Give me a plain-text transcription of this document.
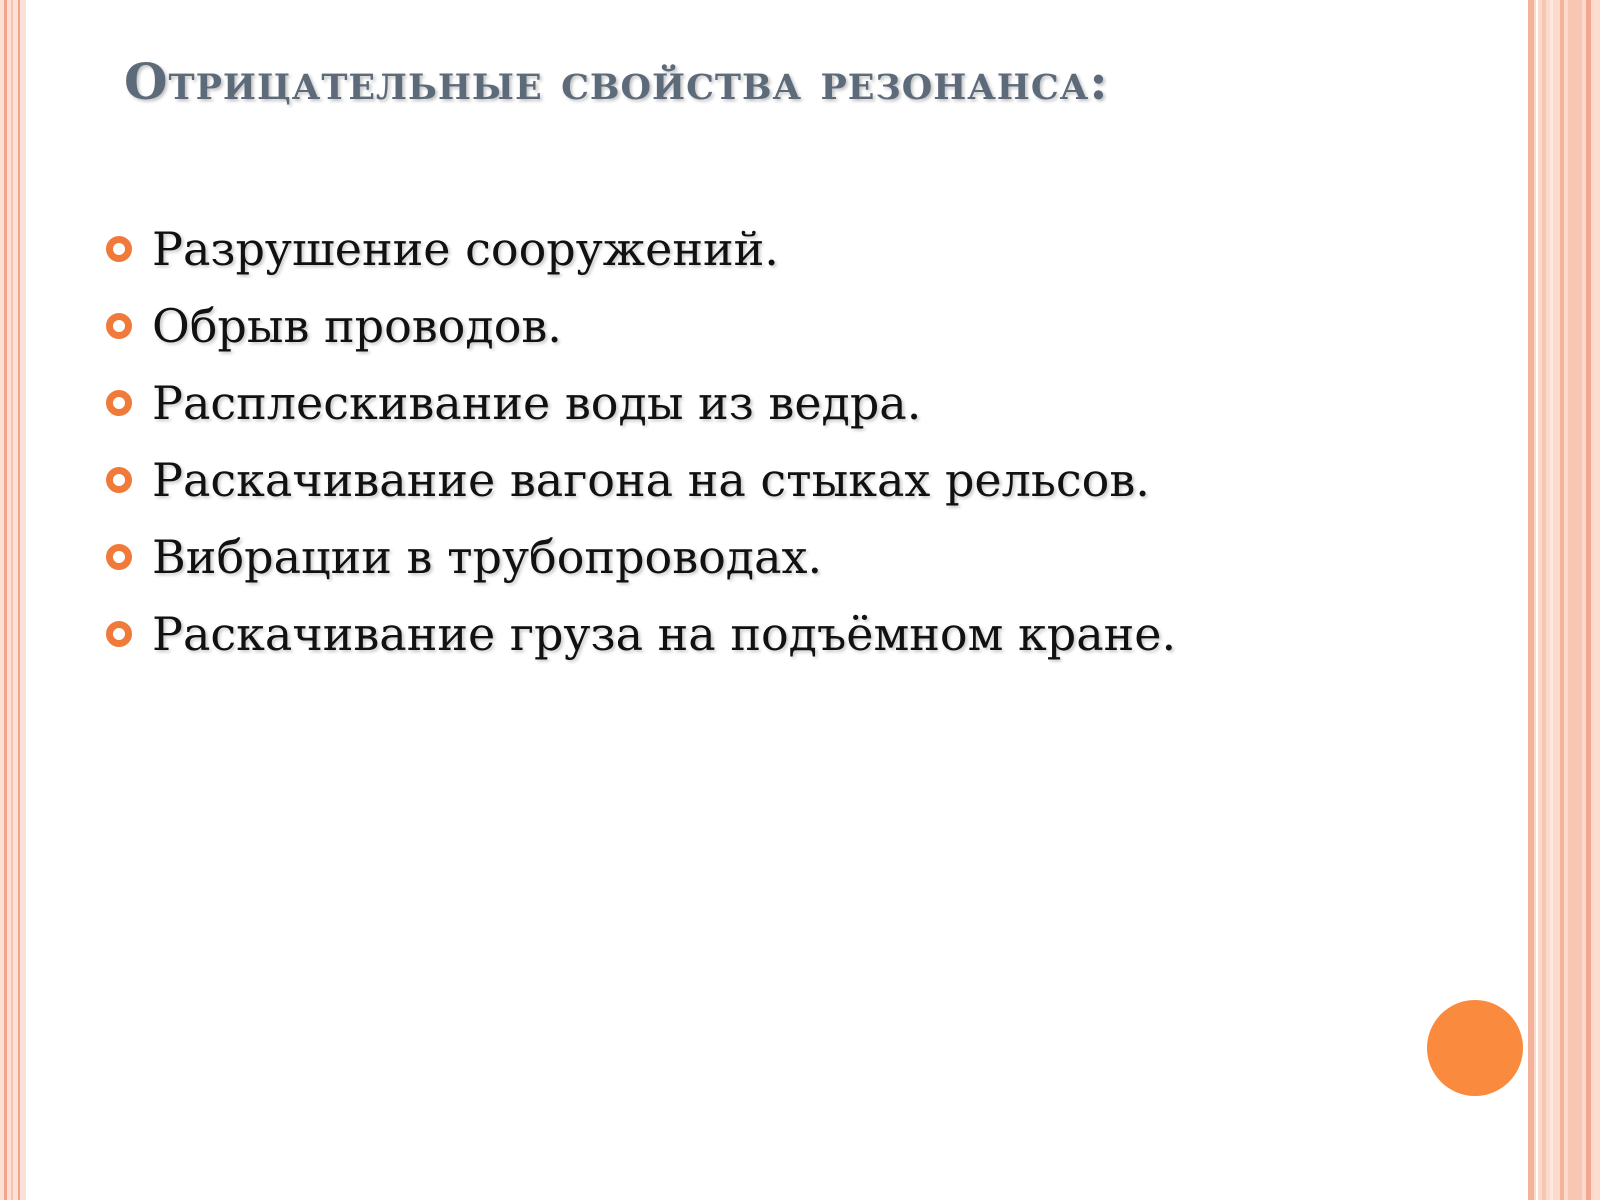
Отрицательные свойства резонанса:
Разрушение сооружений.
Обрыв проводов.
Расплескивание воды из ведра.
Раскачивание вагона на стыках рельсов.
Вибрации в трубопроводах.
Раскачивание груза на подъёмном кране.
